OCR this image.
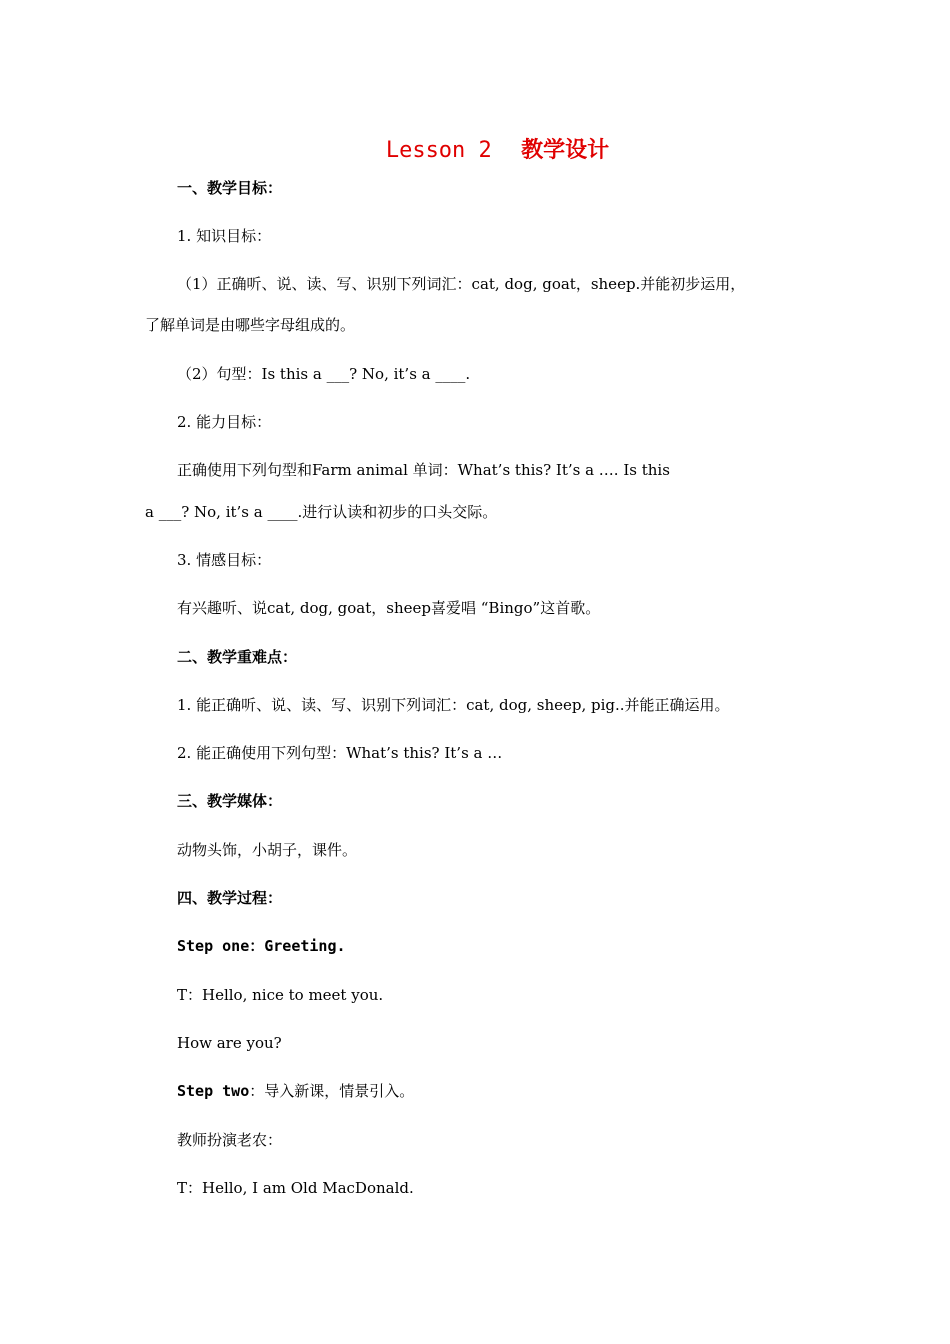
Lesson 2 教学设计
一、教学目标：
1. 知识目标：
（1）正确听、说、读、写、识别下列词汇：cat, dog, goat，sheep.并能初步运用，
了解单词是由哪些字母组成的。
（2）句型：Is this a ___? No, it’s a ____.
2. 能力目标：
正确使用下列句型和Farm animal 单词：What’s this? It’s a …. Is this
a ___? No, it’s a ____.进行认读和初步的口头交际。
3. 情感目标：
有兴趣听、说cat, dog, goat，sheep喜爱唱 “Bingo”这首歌。
二、教学重难点：
1. 能正确听、说、读、写、识别下列词汇：cat, dog, sheep, pig..并能正确运用。
2. 能正确使用下列句型：What’s this? It’s a …
三、教学媒体：
动物头饰，小胡子，课件。
四、教学过程：
Step one：Greeting.
T：Hello, nice to meet you.
How are you?
Step two：导入新课，情景引入。
教师扮演老农：
T：Hello, I am Old MacDonald.
